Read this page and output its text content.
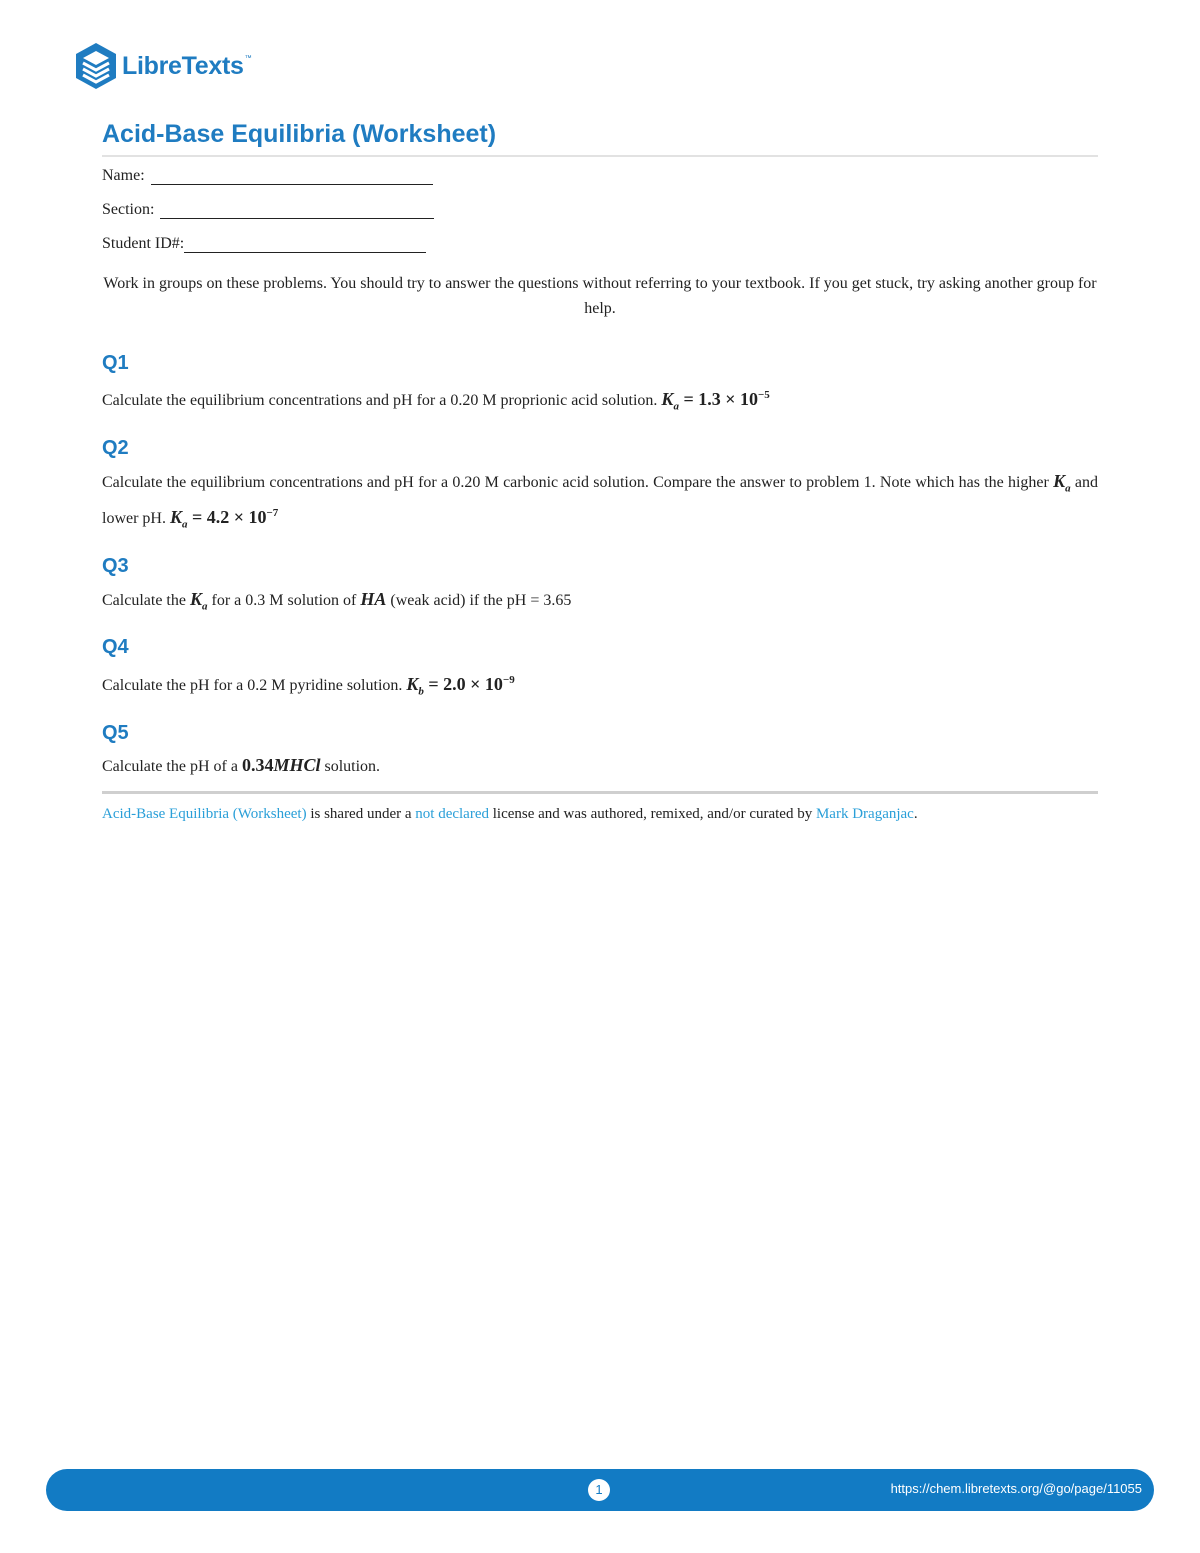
LibreTexts ™
Acid-Base Equilibria (Worksheet)
Name:
Section:
Student ID#:

Work in groups on these problems. You should try to answer the questions without referring to your textbook. If you get stuck, try asking another group for help.

Q1

Calculate the equilibrium concentrations and pH for a 0.20 M proprionic acid solution. $K_a = 1.3 \times 10^{-5}$

Q2

Calculate the equilibrium concentrations and pH for a 0.20 M carbonic acid solution. Compare the answer to problem 1. Note which has the higher $K_a$ and lower pH. $K_a = 4.2 \times 10^{-7}$

Q3

Calculate the $K_a$ for a 0.3 M solution of HA (weak acid) if the pH = 3.65

Q4

Calculate the pH for a 0.2 M pyridine solution. $K_b = 2.0 \times 10^{-9}$

Q5

Calculate the pH of a 0.34MHCl solution.

Acid-Base Equilibria (Worksheet) is shared under a not declared license and was authored, remixed, and/or curated by Mark Draganjac.

1	https://chem.libretexts.org/@go/page/11055
